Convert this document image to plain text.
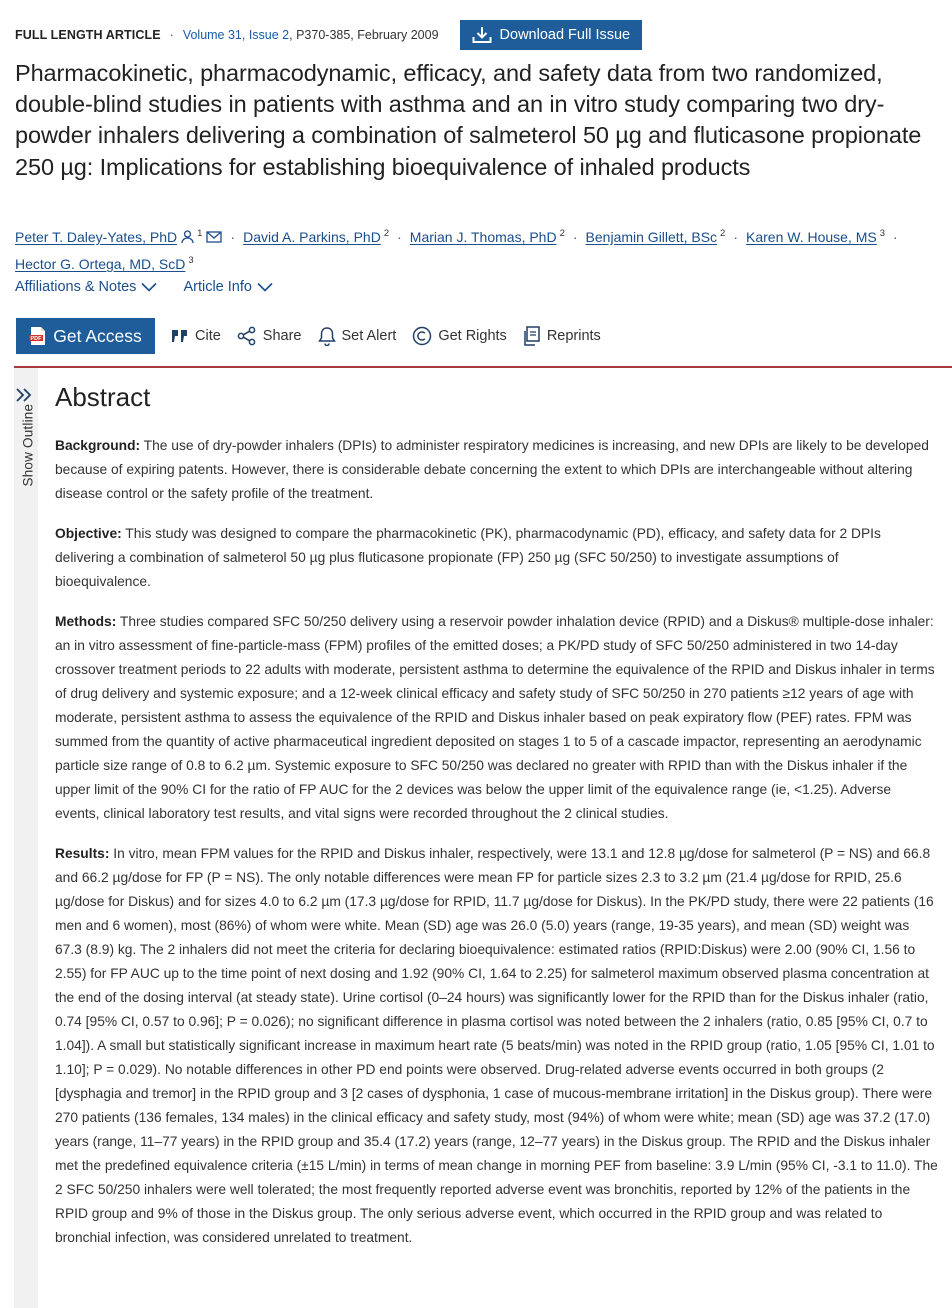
FULL LENGTH ARTICLE · Volume 31, Issue 2 , P370-385, February 2009	Download Full Issue
Pharmacokinetic, pharmacodynamic, efficacy, and safety data from two randomized, double-blind studies in patients with asthma and an in vitro study comparing two dry-powder inhalers delivering a combination of salmeterol 50 µg and fluticasone propionate 250 µg: Implications for establishing bioequivalence of inhaled products
Peter T. Daley-Yates, PhD $^1$ · David A. Parkins, PhD $^2$ · Marian J. Thomas, PhD $^2$ · Benjamin Gillett, BSc $^2$ · Karen W. House, MS $^3$ ·
Hector G. Ortega, MD, ScD $^3$
Affiliations & Notes	Article Info
PDF Get Access	Cite	Share	Set Alert	Get Rights	Reprints
Abstract

Background: The use of dry-powder inhalers (DPIs) to administer respiratory medicines is increasing, and new DPIs are likely to be developed because of expiring patents. However, there is considerable debate concerning the extent to which DPIs are interchangeable without altering disease control or the safety profile of the treatment.

Objective: This study was designed to compare the pharmacokinetic (PK), pharmacodynamic (PD), efficacy, and safety data for 2 DPIs delivering a combination of salmeterol 50 µg plus fluticasone propionate (FP) 250 µg (SFC 50/250) to investigate assumptions of bioequivalence.

Methods: Three studies compared SFC 50/250 delivery using a reservoir powder inhalation device (RPID) and a Diskus® multiple-dose inhaler: an in vitro assessment of fine-particle-mass (FPM) profiles of the emitted doses; a PK/PD study of SFC 50/250 administered in two 14-day crossover treatment periods to 22 adults with moderate, persistent asthma to determine the equivalence of the RPID and Diskus inhaler in terms of drug delivery and systemic exposure; and a 12-week clinical efficacy and safety study of SFC 50/250 in 270 patients ≥12 years of age with moderate, persistent asthma to assess the equivalence of the RPID and Diskus inhaler based on peak expiratory flow (PEF) rates. FPM was summed from the quantity of active pharmaceutical ingredient deposited on stages 1 to 5 of a cascade impactor, representing an aerodynamic particle size range of 0.8 to 6.2 µm. Systemic exposure to SFC 50/250 was declared no greater with RPID than with the Diskus inhaler if the upper limit of the 90% CI for the ratio of FP AUC for the 2 devices was below the upper limit of the equivalence range (ie, <1.25). Adverse events, clinical laboratory test results, and vital signs were recorded throughout the 2 clinical studies.

Results: In vitro, mean FPM values for the RPID and Diskus inhaler, respectively, were 13.1 and 12.8 µg/dose for salmeterol (P = NS) and 66.8 and 66.2 µg/dose for FP (P = NS). The only notable differences were mean FP for particle sizes 2.3 to 3.2 µm (21.4 µg/dose for RPID, 25.6 µg/dose for Diskus) and for sizes 4.0 to 6.2 µm (17.3 µg/dose for RPID, 11.7 µg/dose for Diskus). In the PK/PD study, there were 22 patients (16 men and 6 women), most (86%) of whom were white. Mean (SD) age was 26.0 (5.0) years (range, 19-35 years), and mean (SD) weight was 67.3 (8.9) kg. The 2 inhalers did not meet the criteria for declaring bioequivalence: estimated ratios (RPID:Diskus) were 2.00 (90% CI, 1.56 to 2.55) for FP AUC up to the time point of next dosing and 1.92 (90% CI, 1.64 to 2.25) for salmeterol maximum observed plasma concentration at the end of the dosing interval (at steady state). Urine cortisol (0–24 hours) was significantly lower for the RPID than for the Diskus inhaler (ratio, 0.74 [95% CI, 0.57 to 0.96]; P = 0.026); no significant difference in plasma cortisol was noted between the 2 inhalers (ratio, 0.85 [95% CI, 0.7 to 1.04]). A small but statistically significant increase in maximum heart rate (5 beats/min) was noted in the RPID group (ratio, 1.05 [95% CI, 1.01 to 1.10]; P = 0.029). No notable differences in other PD end points were observed. Drug-related adverse events occurred in both groups (2 [dysphagia and tremor] in the RPID group and 3 [2 cases of dysphonia, 1 case of mucous-membrane irritation] in the Diskus group). There were 270 patients (136 females, 134 males) in the clinical efficacy and safety study, most (94%) of whom were white; mean (SD) age was 37.2 (17.0) years (range, 11–77 years) in the RPID group and 35.4 (17.2) years (range, 12–77 years) in the Diskus group. The RPID and the Diskus inhaler met the predefined equivalence criteria (±15 L/min) in terms of mean change in morning PEF from baseline: 3.9 L/min (95% CI, -3.1 to 11.0). The 2 SFC 50/250 inhalers were well tolerated; the most frequently reported adverse event was bronchitis, reported by 12% of the patients in the RPID group and 9% of those in the Diskus group. The only serious adverse event, which occurred in the RPID group and was related to bronchial infection, was considered unrelated to treatment.
